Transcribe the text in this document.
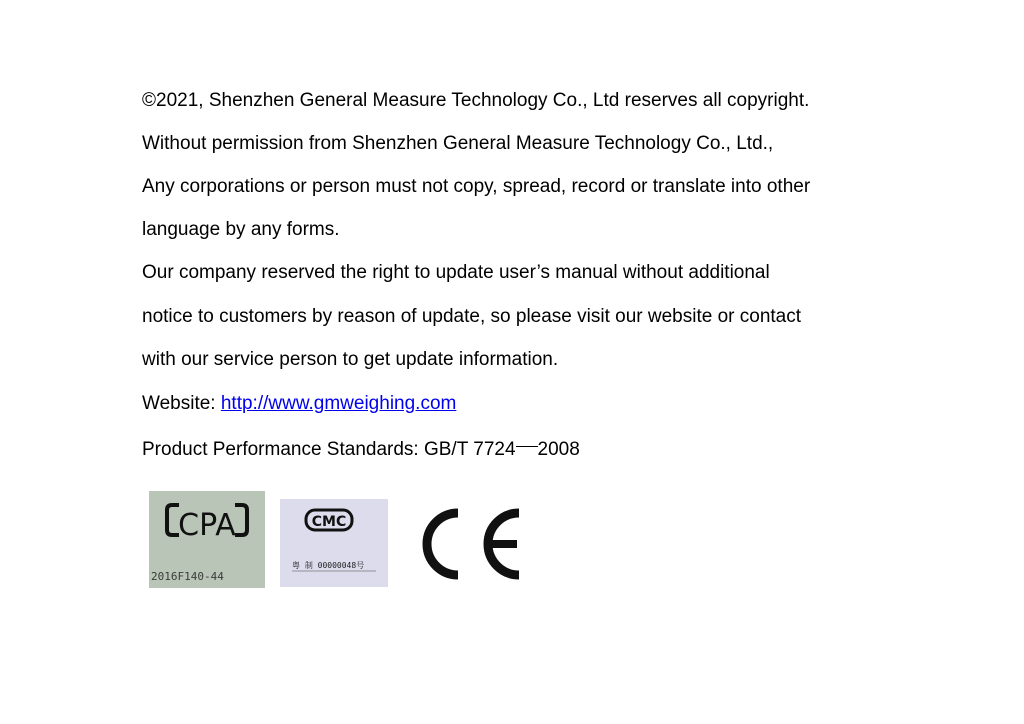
©2021, Shenzhen General Measure Technology Co., Ltd reserves all copyright.
Without permission from Shenzhen General Measure Technology Co., Ltd.,
Any corporations or person must not copy, spread, record or translate into other
language by any forms.
Our company reserved the right to update user’s manual without additional
notice to customers by reason of update, so please visit our website or contact
with our service person to get update information.
Website: http://www.gmweighing.com
Product Performance Standards: GB/T 7724 2008
CPA
2016F140-44
CMC
粤 制 00000048号
